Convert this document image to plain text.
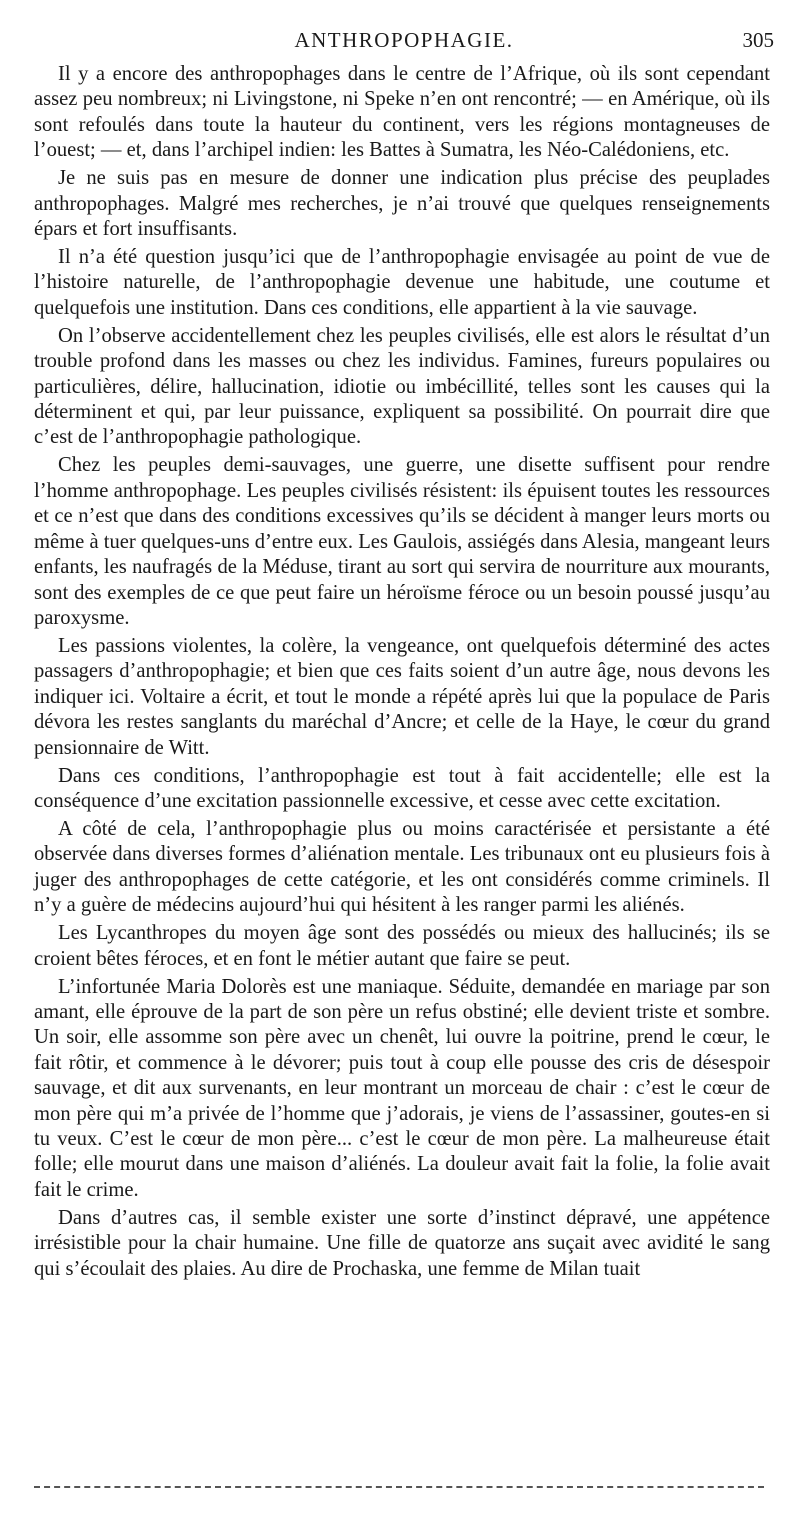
ANTHROPOPHAGIE.	305

Il y a encore des anthropophages dans le centre de l’Afrique, où ils sont cependant assez peu nombreux; ni Livingstone, ni Speke n’en ont rencontré; — en Amérique, où ils sont refoulés dans toute la hauteur du continent, vers les régions montagneuses de l’ouest; — et, dans l’archipel indien: les Battes à Sumatra, les Néo-Calédoniens, etc.

Je ne suis pas en mesure de donner une indication plus précise des peuplades anthropophages. Malgré mes recherches, je n’ai trouvé que quelques renseignements épars et fort insuffisants.

Il n’a été question jusqu’ici que de l’anthropophagie envisagée au point de vue de l’histoire naturelle, de l’anthropophagie devenue une habitude, une coutume et quelquefois une institution. Dans ces conditions, elle appartient à la vie sauvage.

On l’observe accidentellement chez les peuples civilisés, elle est alors le résultat d’un trouble profond dans les masses ou chez les individus. Famines, fureurs populaires ou particulières, délire, hallucination, idiotie ou imbécillité, telles sont les causes qui la déterminent et qui, par leur puissance, expliquent sa possibilité. On pourrait dire que c’est de l’anthropophagie pathologique.

Chez les peuples demi-sauvages, une guerre, une disette suffisent pour rendre l’homme anthropophage. Les peuples civilisés résistent: ils épuisent toutes les ressources et ce n’est que dans des conditions excessives qu’ils se décident à manger leurs morts ou même à tuer quelques-uns d’entre eux. Les Gaulois, assiégés dans Alesia, mangeant leurs enfants, les naufragés de la Méduse, tirant au sort qui servira de nourriture aux mourants, sont des exemples de ce que peut faire un héroïsme féroce ou un besoin poussé jusqu’au paroxysme.

Les passions violentes, la colère, la vengeance, ont quelquefois déterminé des actes passagers d’anthropophagie; et bien que ces faits soient d’un autre âge, nous devons les indiquer ici. Voltaire a écrit, et tout le monde a répété après lui que la populace de Paris dévora les restes sanglants du maréchal d’Ancre; et celle de la Haye, le cœur du grand pensionnaire de Witt.

Dans ces conditions, l’anthropophagie est tout à fait accidentelle; elle est la conséquence d’une excitation passionnelle excessive, et cesse avec cette excitation.

A côté de cela, l’anthropophagie plus ou moins caractérisée et persistante a été observée dans diverses formes d’aliénation mentale. Les tribunaux ont eu plusieurs fois à juger des anthropophages de cette catégorie, et les ont considérés comme criminels. Il n’y a guère de médecins aujourd’hui qui hésitent à les ranger parmi les aliénés.

Les Lycanthropes du moyen âge sont des possédés ou mieux des hallucinés; ils se croient bêtes féroces, et en font le métier autant que faire se peut.

L’infortunée Maria Dolorès est une maniaque. Séduite, demandée en mariage par son amant, elle éprouve de la part de son père un refus obstiné; elle devient triste et sombre. Un soir, elle assomme son père avec un chenêt, lui ouvre la poitrine, prend le cœur, le fait rôtir, et commence à le dévorer; puis tout à coup elle pousse des cris de désespoir sauvage, et dit aux survenants, en leur montrant un morceau de chair : c’est le cœur de mon père qui m’a privée de l’homme que j’adorais, je viens de l’assassiner, goutes-en si tu veux. C’est le cœur de mon père... c’est le cœur de mon père. La malheureuse était folle; elle mourut dans une maison d’aliénés. La douleur avait fait la folie, la folie avait fait le crime.

Dans d’autres cas, il semble exister une sorte d’instinct dépravé, une appétence irrésistible pour la chair humaine. Une fille de quatorze ans suçait avec avidité le sang qui s’écoulait des plaies. Au dire de Prochaska, une femme de Milan tuait
